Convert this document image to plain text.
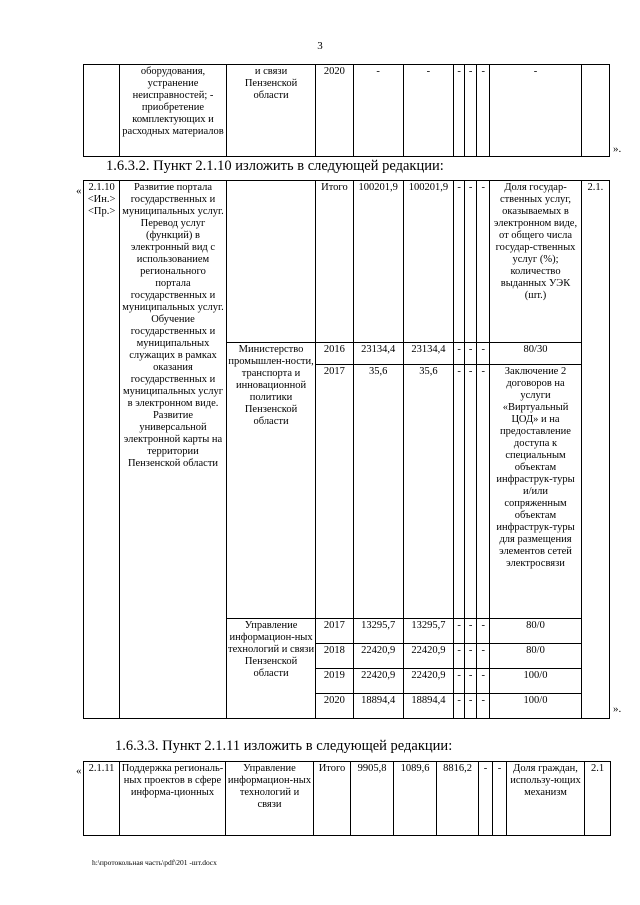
3
	оборудования, устранение неисправностей; - приобретение комплектующих и расходных материалов	и связи Пензенской области	2020	-	-	-	-	-	-	
».
1.6.3.2. Пункт 2.1.10 изложить в следующей редакции:
« 2.1.10 <Ин.> <Пр.>	Развитие портала государственных и муниципальных услуг. Перевод услуг (функций) в электронный вид с использованием регионального портала государственных и муниципальных услуг. Обучение государственных и муниципальных служащих в рамках оказания государственных и муниципальных услуг в электронном виде. Развитие универсальной электронной карты на территории Пензенской области		Итого	100201,9	100201,9	-	-	-	Доля государ-ственных услуг, оказываемых в электронном виде, от общего числа государ-ственных услуг (%); количество выданных УЭК (шт.)	2.1.
		Министерство промышлен-ности, транспорта и инновационной политики Пензенской области	2016	23134,4	23134,4	-	-	-	80/30	
			2017	35,6	35,6	-	-	-	Заключение 2 договоров на услуги «Виртуальный ЦОД» и на предоставление доступа к специальным объектам инфраструк-туры и/или сопряженным объектам инфраструк-туры для размещения элементов сетей электросвязи	
		Управление информацион-ных технологий и связи Пензенской области	2017	13295,7	13295,7	-	-	-	80/0	
			2018	22420,9	22420,9	-	-	-	80/0	
			2019	22420,9	22420,9	-	-	-	100/0	
			2020	18894,4	18894,4	-	-	-	100/0	
».
1.6.3.3. Пункт 2.1.11 изложить в следующей редакции:
« 2.1.11	Поддержка региональ-ных проектов в сфере информа-ционных	Управление информацион-ных технологий и связи	Итого	9905,8	1089,6	8816,2	-	-	Доля граждан, использу-ющих механизм	2.1
h:\протокольная часть\pdf\201 -шт.docx
